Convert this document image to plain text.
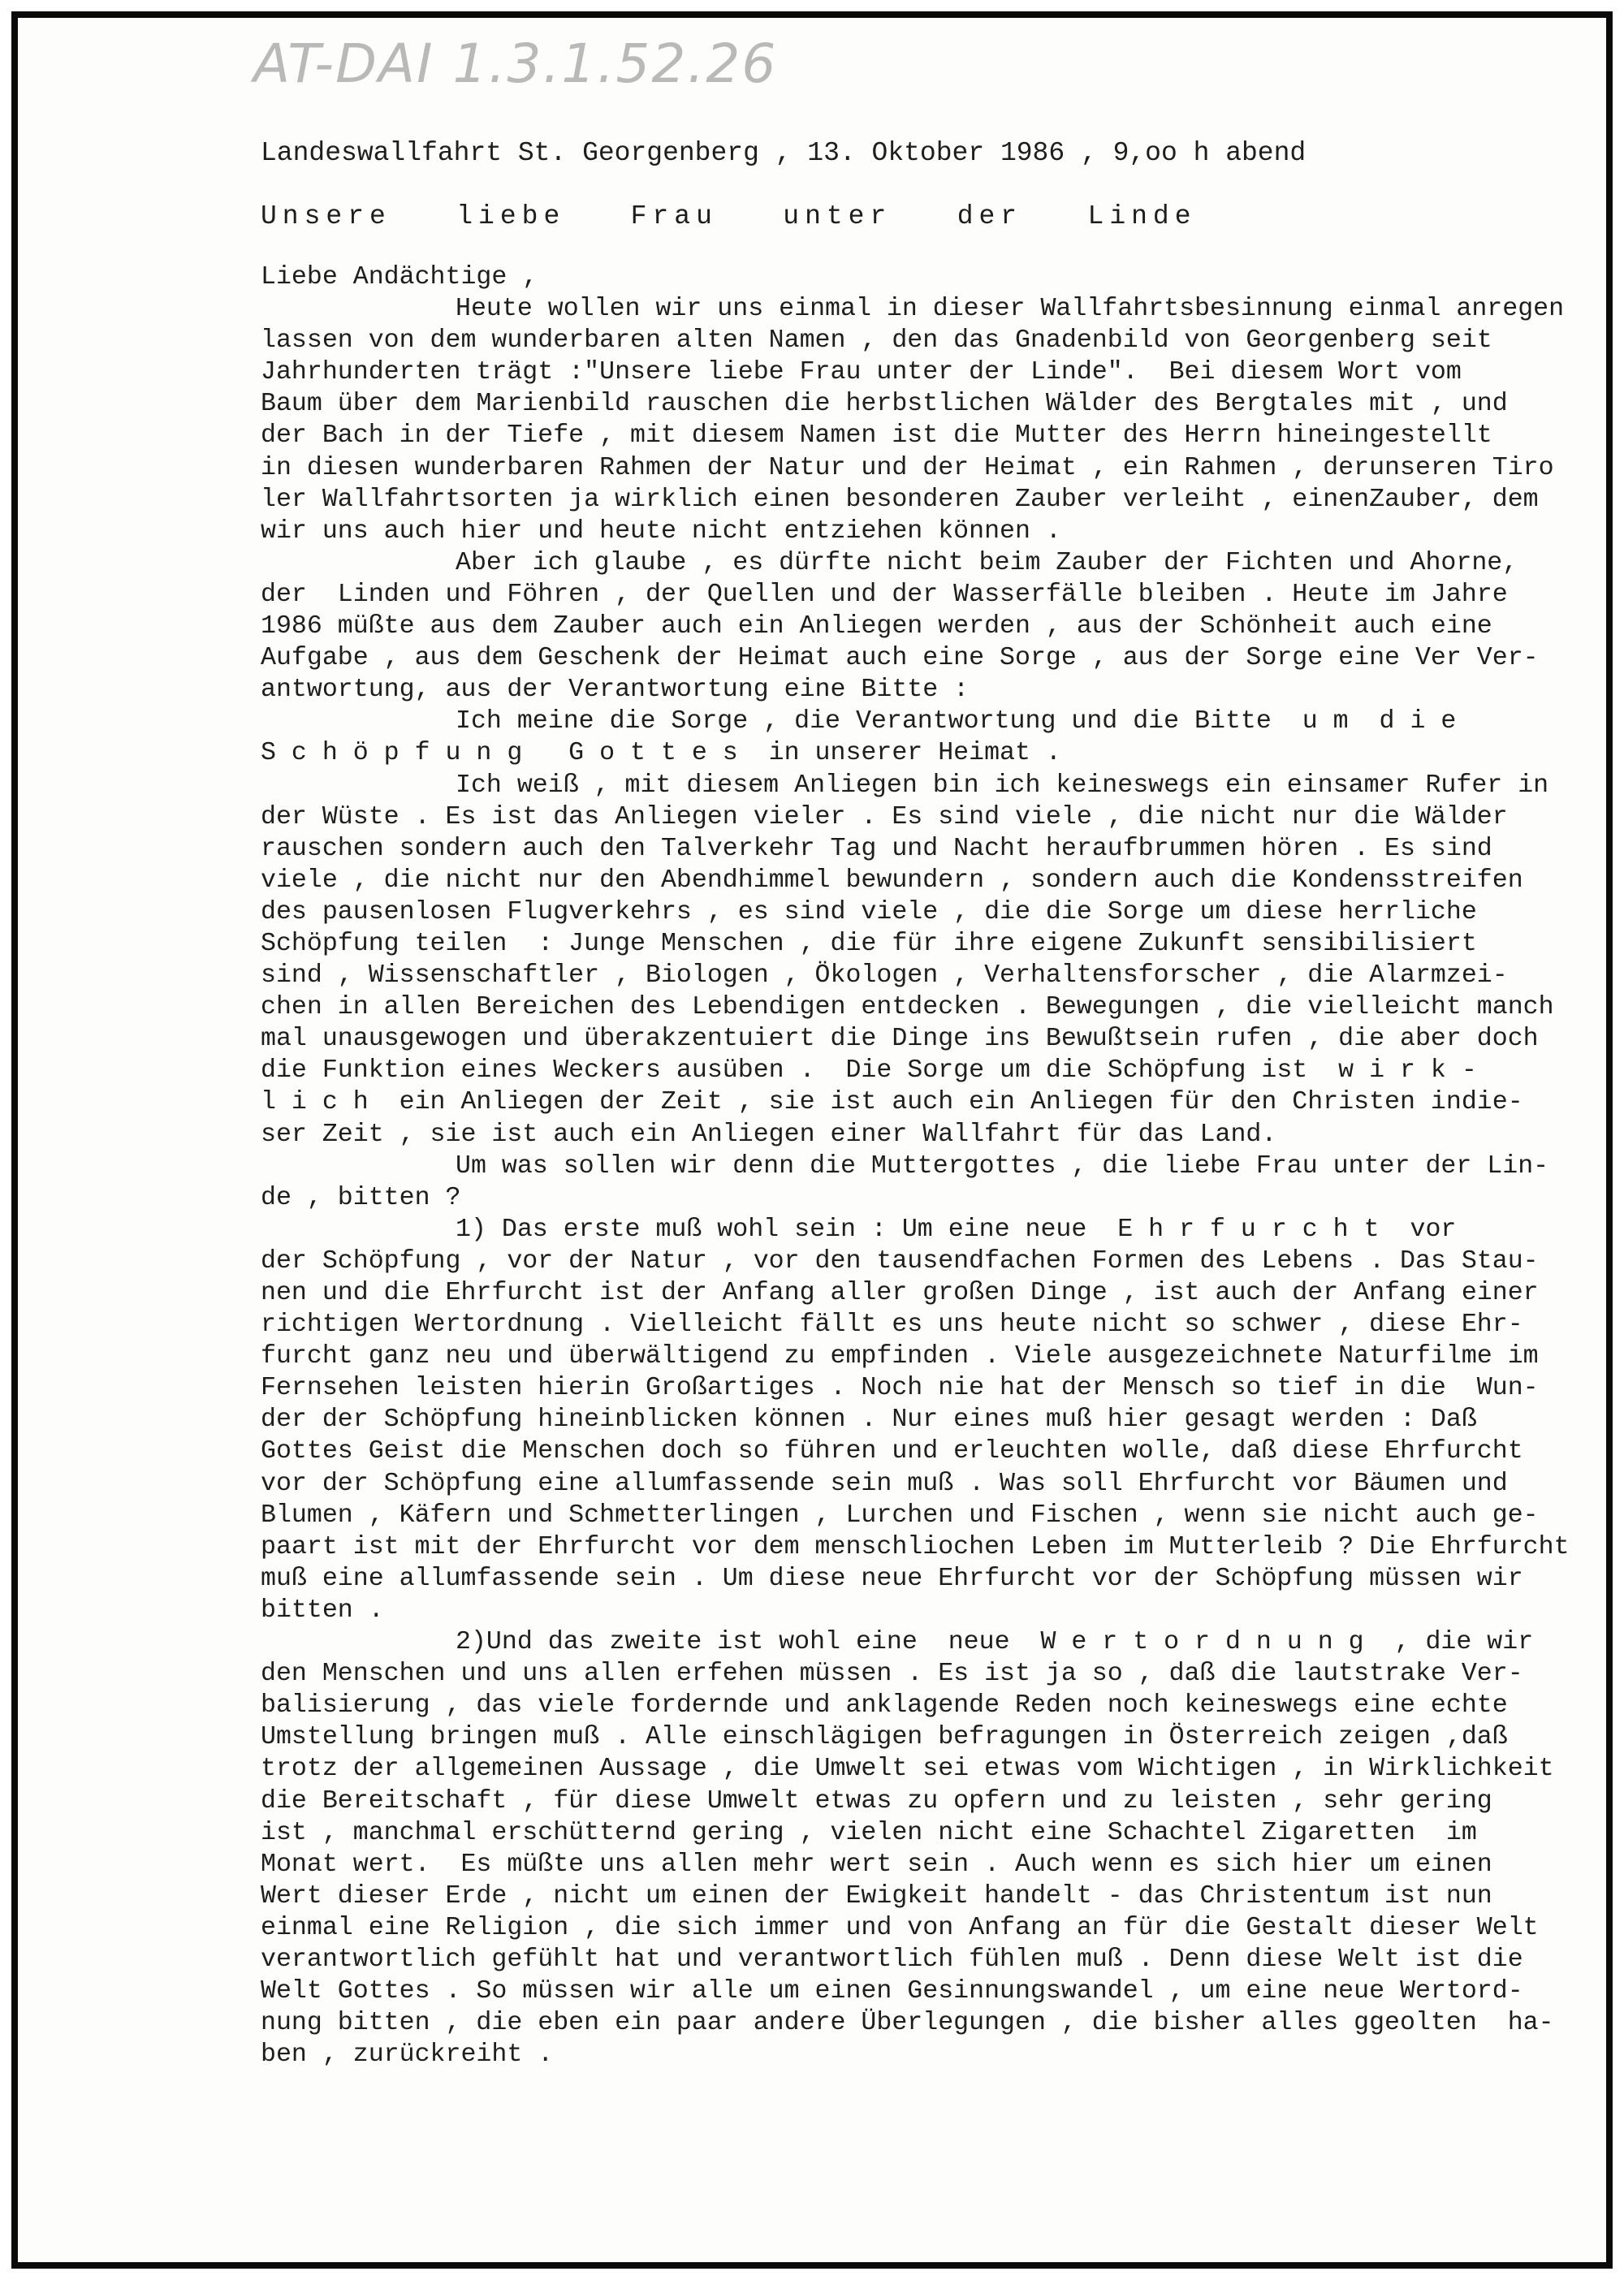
AT-DAI 1.3.1.52.26
Landeswallfahrt St. Georgenberg , 13. Oktober 1986 , 9,oo h abend
Unsere   liebe   Frau   unter   der   Linde
Liebe Andächtige ,
Heute wollen wir uns einmal in dieser Wallfahrtsbesinnung einmal anregen
lassen von dem wunderbaren alten Namen , den das Gnadenbild von Georgenberg seit
Jahrhunderten trägt :"Unsere liebe Frau unter der Linde".  Bei diesem Wort vom
Baum über dem Marienbild rauschen die herbstlichen Wälder des Bergtales mit , und
der Bach in der Tiefe , mit diesem Namen ist die Mutter des Herrn hineingestellt
in diesen wunderbaren Rahmen der Natur und der Heimat , ein Rahmen , derunseren Tiro
ler Wallfahrtsorten ja wirklich einen besonderen Zauber verleiht , einenZauber, dem
wir uns auch hier und heute nicht entziehen können .
Aber ich glaube , es dürfte nicht beim Zauber der Fichten und Ahorne,
der  Linden und Föhren , der Quellen und der Wasserfälle bleiben . Heute im Jahre
1986 müßte aus dem Zauber auch ein Anliegen werden , aus der Schönheit auch eine
Aufgabe , aus dem Geschenk der Heimat auch eine Sorge , aus der Sorge eine Ver Ver-
antwortung, aus der Verantwortung eine Bitte :
Ich meine die Sorge , die Verantwortung und die Bitte  u m  d i e
S c h ö p f u n g   G o t t e s  in unserer Heimat .
Ich weiß , mit diesem Anliegen bin ich keineswegs ein einsamer Rufer in
der Wüste . Es ist das Anliegen vieler . Es sind viele , die nicht nur die Wälder
rauschen sondern auch den Talverkehr Tag und Nacht heraufbrummen hören . Es sind
viele , die nicht nur den Abendhimmel bewundern , sondern auch die Kondensstreifen
des pausenlosen Flugverkehrs , es sind viele , die die Sorge um diese herrliche
Schöpfung teilen  : Junge Menschen , die für ihre eigene Zukunft sensibilisiert
sind , Wissenschaftler , Biologen , Ökologen , Verhaltensforscher , die Alarmzei-
chen in allen Bereichen des Lebendigen entdecken . Bewegungen , die vielleicht manch
mal unausgewogen und überakzentuiert die Dinge ins Bewußtsein rufen , die aber doch
die Funktion eines Weckers ausüben .  Die Sorge um die Schöpfung ist  w i r k -
l i c h  ein Anliegen der Zeit , sie ist auch ein Anliegen für den Christen indie-
ser Zeit , sie ist auch ein Anliegen einer Wallfahrt für das Land.
Um was sollen wir denn die Muttergottes , die liebe Frau unter der Lin-
de , bitten ?
1) Das erste muß wohl sein : Um eine neue  E h r f u r c h t  vor
der Schöpfung , vor der Natur , vor den tausendfachen Formen des Lebens . Das Stau-
nen und die Ehrfurcht ist der Anfang aller großen Dinge , ist auch der Anfang einer
richtigen Wertordnung . Vielleicht fällt es uns heute nicht so schwer , diese Ehr-
furcht ganz neu und überwältigend zu empfinden . Viele ausgezeichnete Naturfilme im
Fernsehen leisten hierin Großartiges . Noch nie hat der Mensch so tief in die  Wun-
der der Schöpfung hineinblicken können . Nur eines muß hier gesagt werden : Daß
Gottes Geist die Menschen doch so führen und erleuchten wolle, daß diese Ehrfurcht
vor der Schöpfung eine allumfassende sein muß . Was soll Ehrfurcht vor Bäumen und
Blumen , Käfern und Schmetterlingen , Lurchen und Fischen , wenn sie nicht auch ge-
paart ist mit der Ehrfurcht vor dem menschliochen Leben im Mutterleib ? Die Ehrfurcht
muß eine allumfassende sein . Um diese neue Ehrfurcht vor der Schöpfung müssen wir
bitten .
2)Und das zweite ist wohl eine  neue  W e r t o r d n u n g  , die wir
den Menschen und uns allen erfehen müssen . Es ist ja so , daß die lautstrake Ver-
balisierung , das viele fordernde und anklagende Reden noch keineswegs eine echte
Umstellung bringen muß . Alle einschlägigen befragungen in Österreich zeigen ,daß
trotz der allgemeinen Aussage , die Umwelt sei etwas vom Wichtigen , in Wirklichkeit
die Bereitschaft , für diese Umwelt etwas zu opfern und zu leisten , sehr gering
ist , manchmal erschütternd gering , vielen nicht eine Schachtel Zigaretten  im
Monat wert.  Es müßte uns allen mehr wert sein . Auch wenn es sich hier um einen
Wert dieser Erde , nicht um einen der Ewigkeit handelt - das Christentum ist nun
einmal eine Religion , die sich immer und von Anfang an für die Gestalt dieser Welt
verantwortlich gefühlt hat und verantwortlich fühlen muß . Denn diese Welt ist die
Welt Gottes . So müssen wir alle um einen Gesinnungswandel , um eine neue Wertord-
nung bitten , die eben ein paar andere Überlegungen , die bisher alles ggeolten  ha-
ben , zurückreiht .
